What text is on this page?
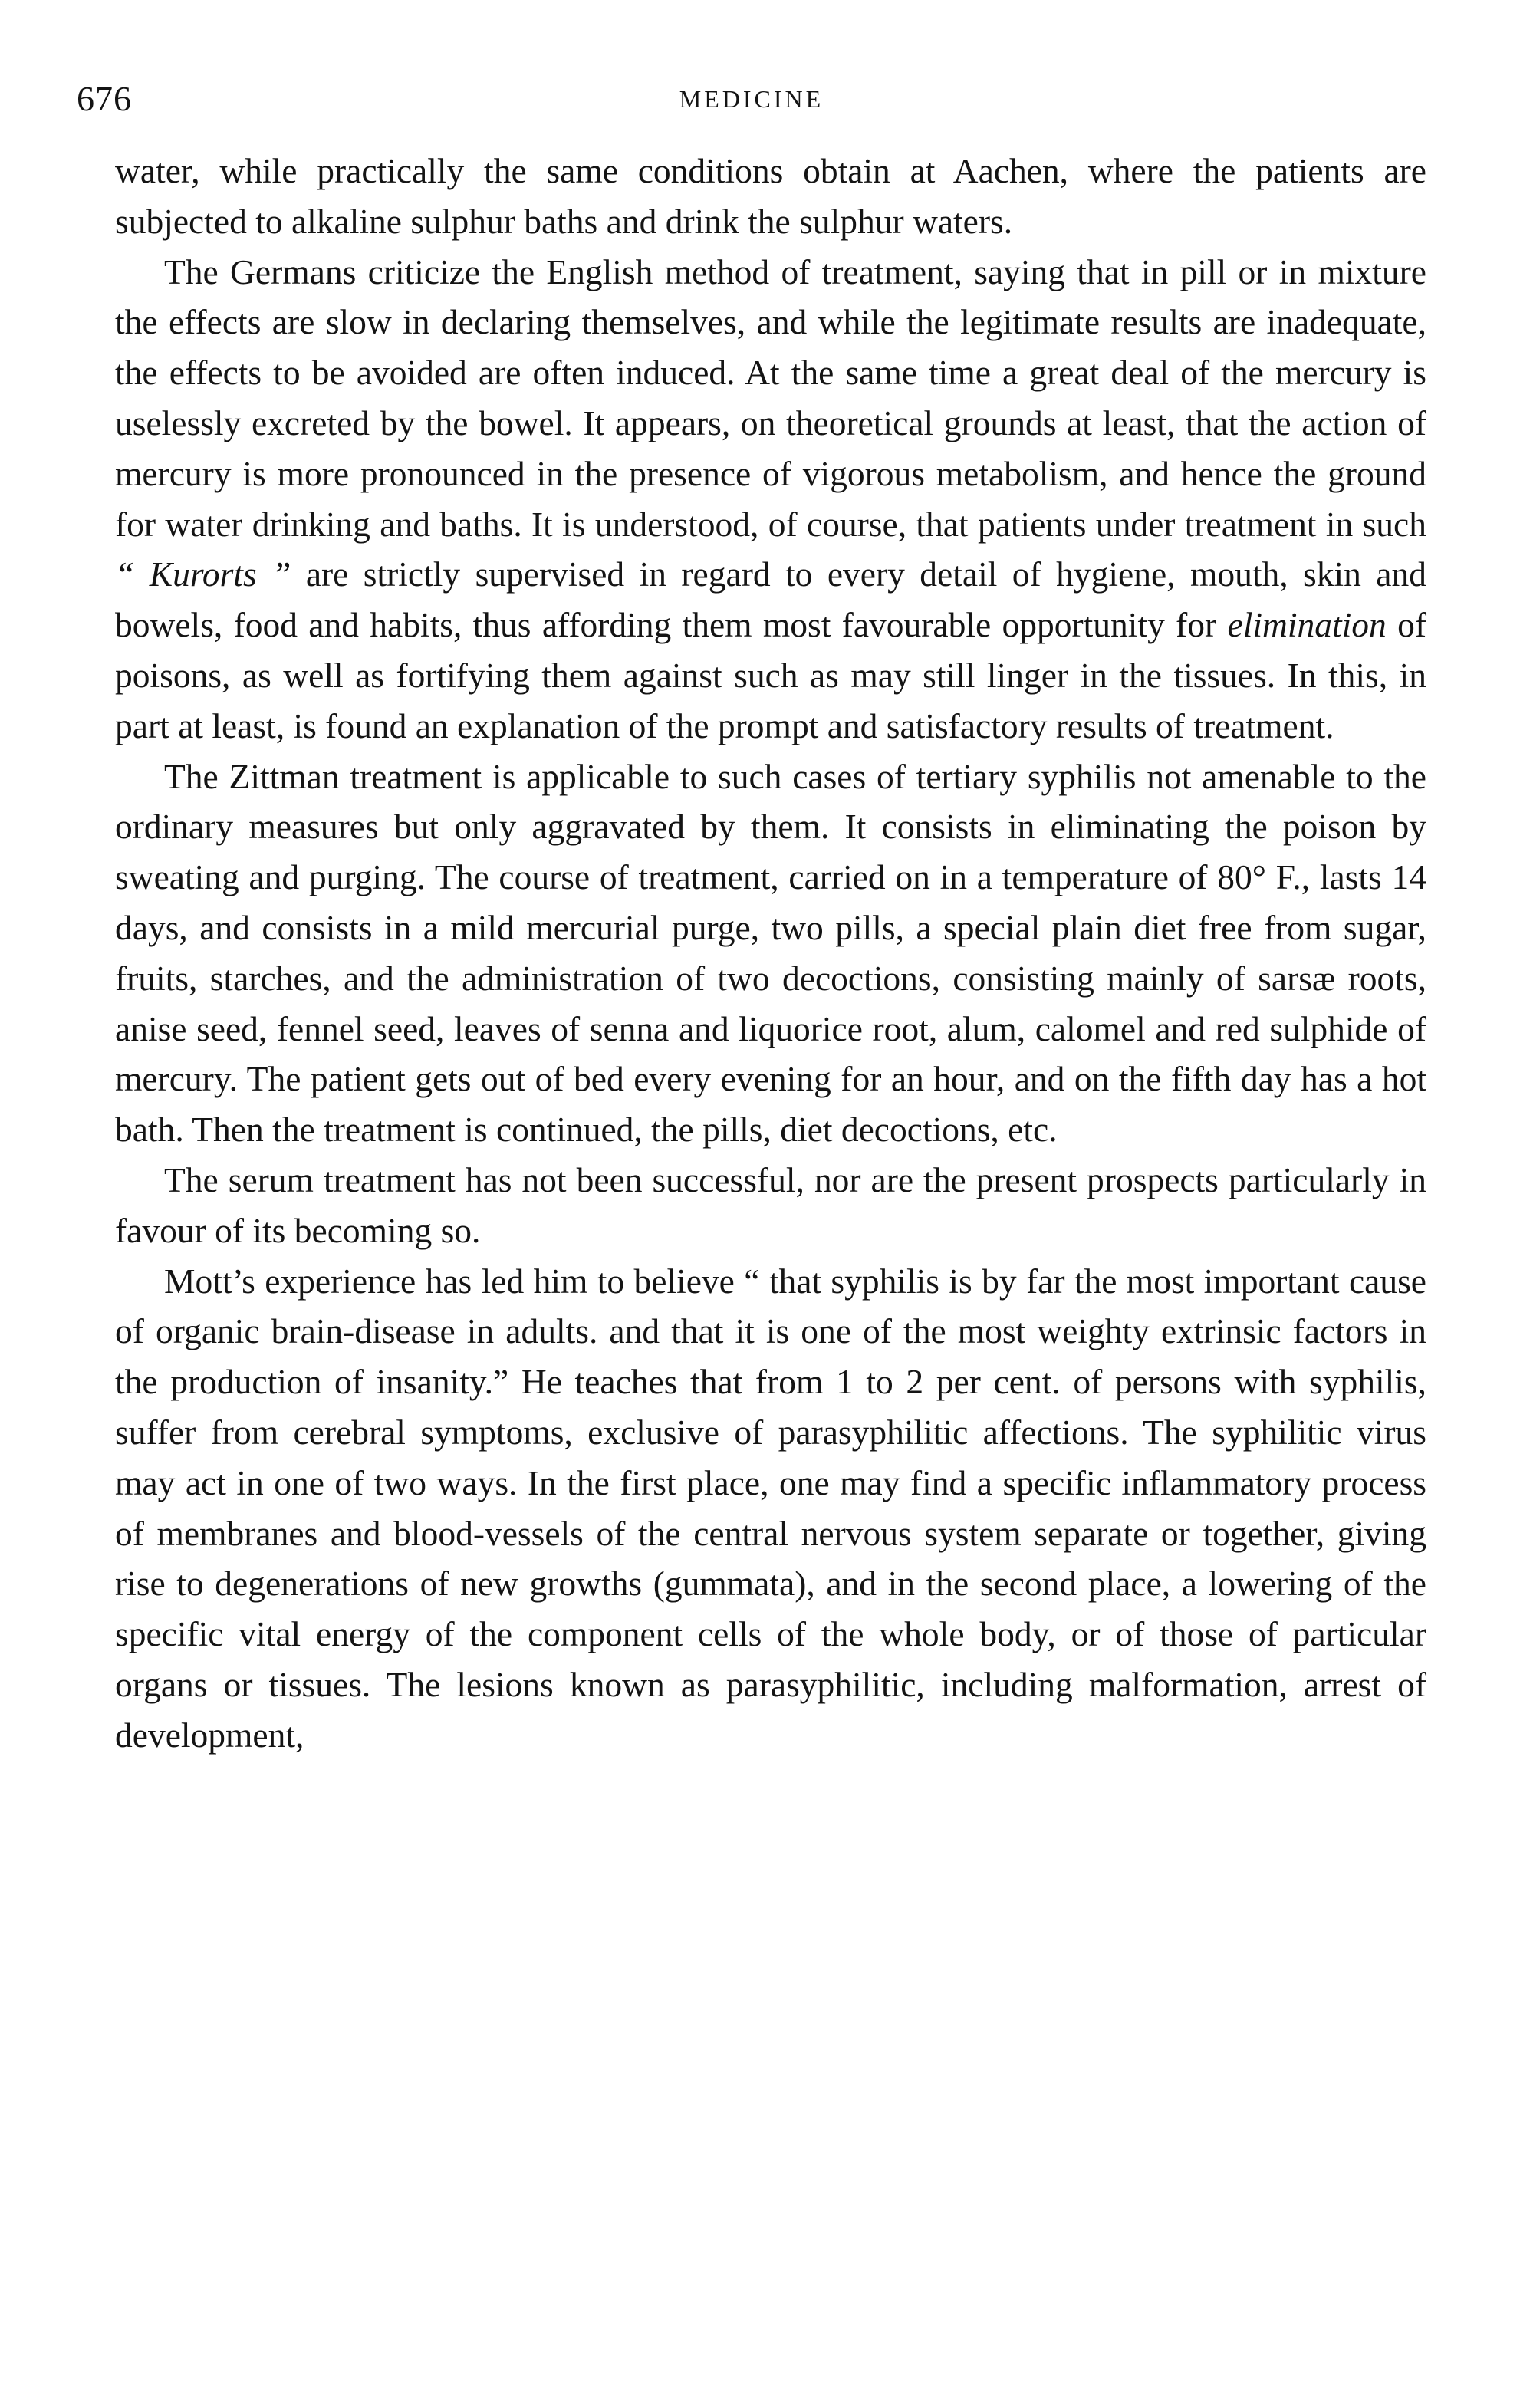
676	MEDICINE

water, while practically the same conditions obtain at Aachen, where the patients are subjected to alkaline sulphur baths and drink the sulphur waters.

The Germans criticize the English method of treatment, saying that in pill or in mixture the effects are slow in declaring themselves, and while the legitimate results are inadequate, the effects to be avoided are often induced. At the same time a great deal of the mercury is uselessly excreted by the bowel. It appears, on theoretical grounds at least, that the action of mercury is more pronounced in the presence of vigorous metabolism, and hence the ground for water drinking and baths. It is understood, of course, that patients under treatment in such “ Kurorts ” are strictly supervised in regard to every detail of hygiene, mouth, skin and bowels, food and habits, thus affording them most favourable opportunity for elimination of poisons, as well as fortifying them against such as may still linger in the tissues. In this, in part at least, is found an explanation of the prompt and satisfactory results of treatment.

The Zittman treatment is applicable to such cases of tertiary syphilis not amenable to the ordinary measures but only aggravated by them. It consists in eliminating the poison by sweating and purging. The course of treatment, carried on in a temperature of 80° F., lasts 14 days, and consists in a mild mercurial purge, two pills, a special plain diet free from sugar, fruits, starches, and the administration of two decoctions, consisting mainly of sarsæ roots, anise seed, fennel seed, leaves of senna and liquorice root, alum, calomel and red sulphide of mercury. The patient gets out of bed every evening for an hour, and on the fifth day has a hot bath. Then the treatment is continued, the pills, diet decoctions, etc.

The serum treatment has not been successful, nor are the present prospects particularly in favour of its becoming so.

Mott’s experience has led him to believe “ that syphilis is by far the most important cause of organic brain-disease in adults. and that it is one of the most weighty extrinsic factors in the production of insanity.” He teaches that from 1 to 2 per cent. of persons with syphilis, suffer from cerebral symptoms, exclusive of parasyphilitic affections. The syphilitic virus may act in one of two ways. In the first place, one may find a specific inflammatory process of membranes and blood-vessels of the central nervous system separate or together, giving rise to degenerations of new growths (gummata), and in the second place, a lowering of the specific vital energy of the component cells of the whole body, or of those of particular organs or tissues. The lesions known as parasyphilitic, including malformation, arrest of development,
